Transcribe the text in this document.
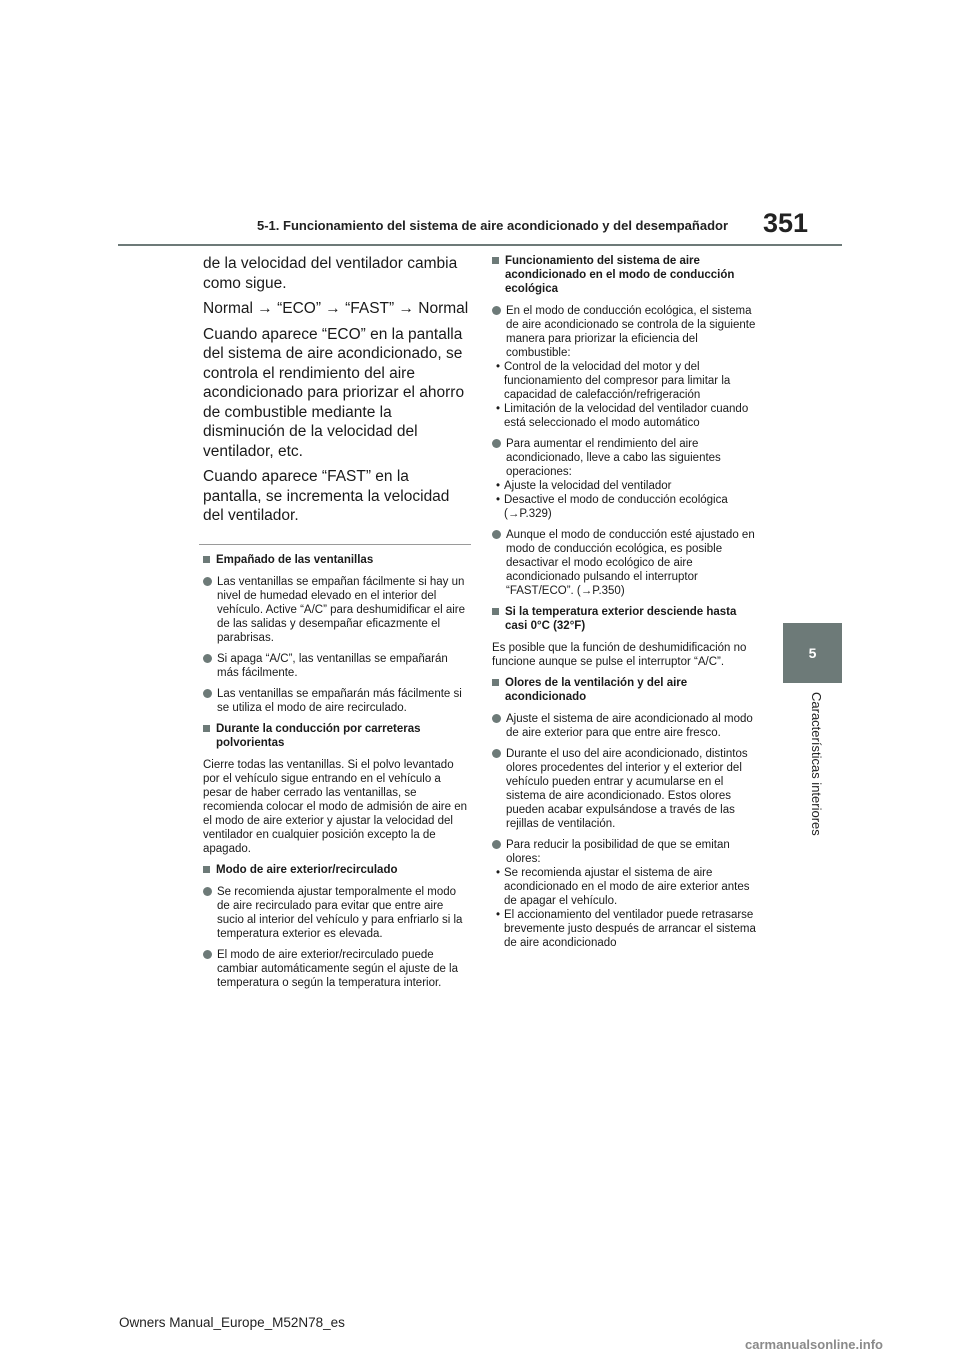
5-1. Funcionamiento del sistema de aire acondicionado y del desempañador 351
5
Características interiores

de la velocidad del ventilador cambia como sigue.

Normal → “ECO” → “FAST” → Normal

Cuando aparece “ECO” en la pantalla del sistema de aire acondicionado, se controla el rendimiento del aire acondicionado para priorizar el ahorro de combustible mediante la disminución de la velocidad del ventilador, etc.

Cuando aparece “FAST” en la pantalla, se incrementa la velocidad del ventilador.

Empañado de las ventanillas
Las ventanillas se empañan fácilmente si hay un nivel de humedad elevado en el interior del vehículo. Active “A/C” para deshumidificar el aire de las salidas y desempañar eficazmente el parabrisas.
Si apaga “A/C”, las ventanillas se empañarán más fácilmente.
Las ventanillas se empañarán más fácilmente si se utiliza el modo de aire recirculado.
Durante la conducción por carreteras polvorientas
Cierre todas las ventanillas. Si el polvo levantado por el vehículo sigue entrando en el vehículo a pesar de haber cerrado las ventanillas, se recomienda colocar el modo de admisión de aire en el modo de aire exterior y ajustar la velocidad del ventilador en cualquier posición excepto la de apagado.
Modo de aire exterior/recirculado
Se recomienda ajustar temporalmente el modo de aire recirculado para evitar que entre aire sucio al interior del vehículo y para enfriarlo si la temperatura exterior es elevada.
El modo de aire exterior/recirculado puede cambiar automáticamente según el ajuste de la temperatura o según la temperatura interior.
Funcionamiento del sistema de aire acondicionado en el modo de conducción ecológica
En el modo de conducción ecológica, el sistema de aire acondicionado se controla de la siguiente manera para priorizar la eficiencia del combustible:
• Control de la velocidad del motor y del funcionamiento del compresor para limitar la capacidad de calefacción/refrigeración
• Limitación de la velocidad del ventilador cuando está seleccionado el modo automático
Para aumentar el rendimiento del aire acondicionado, lleve a cabo las siguientes operaciones:
• Ajuste la velocidad del ventilador
• Desactive el modo de conducción ecológica (→P.329)
Aunque el modo de conducción esté ajustado en modo de conducción ecológica, es posible desactivar el modo ecológico de aire acondicionado pulsando el interruptor “FAST/ECO”. (→P.350)
Si la temperatura exterior desciende hasta casi 0°C (32°F)
Es posible que la función de deshumidificación no funcione aunque se pulse el interruptor “A/C”.
Olores de la ventilación y del aire acondicionado
Ajuste el sistema de aire acondicionado al modo de aire exterior para que entre aire fresco.
Durante el uso del aire acondicionado, distintos olores procedentes del interior y el exterior del vehículo pueden entrar y acumularse en el sistema de aire acondicionado. Estos olores pueden acabar expulsándose a través de las rejillas de ventilación.
Para reducir la posibilidad de que se emitan olores:
• Se recomienda ajustar el sistema de aire acondicionado en el modo de aire exterior antes de apagar el vehículo.
• El accionamiento del ventilador puede retrasarse brevemente justo después de arrancar el sistema de aire acondicionado
Owners Manual_Europe_M52N78_es
carmanualsonline.info
